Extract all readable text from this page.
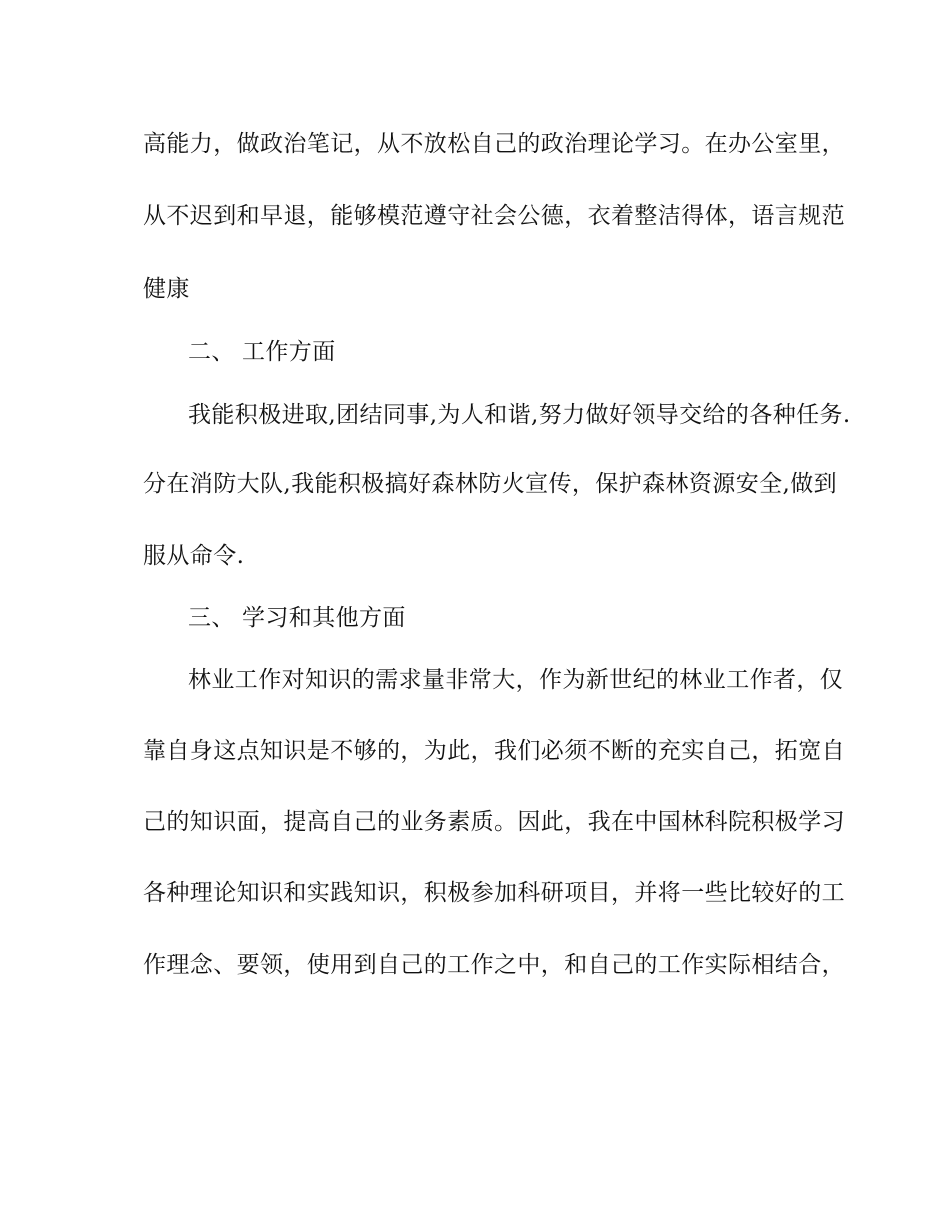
高能力，做政治笔记，从不放松自己的政治理论学习。在办公室里，

从不迟到和早退，能够模范遵守社会公德，衣着整洁得体，语言规范

健康

二、 工作方面

我能积极进取,团结同事,为人和谐,努力做好领导交给的各种任务.

分在消防大队,我能积极搞好森林防火宣传，保护森林资源安全,做到

服从命令.

三、 学习和其他方面

林业工作对知识的需求量非常大，作为新世纪的林业工作者，仅

靠自身这点知识是不够的，为此，我们必须不断的充实自己，拓宽自

己的知识面，提高自己的业务素质。因此，我在中国林科院积极学习

各种理论知识和实践知识，积极参加科研项目，并将一些比较好的工

作理念、要领，使用到自己的工作之中，和自己的工作实际相结合，
